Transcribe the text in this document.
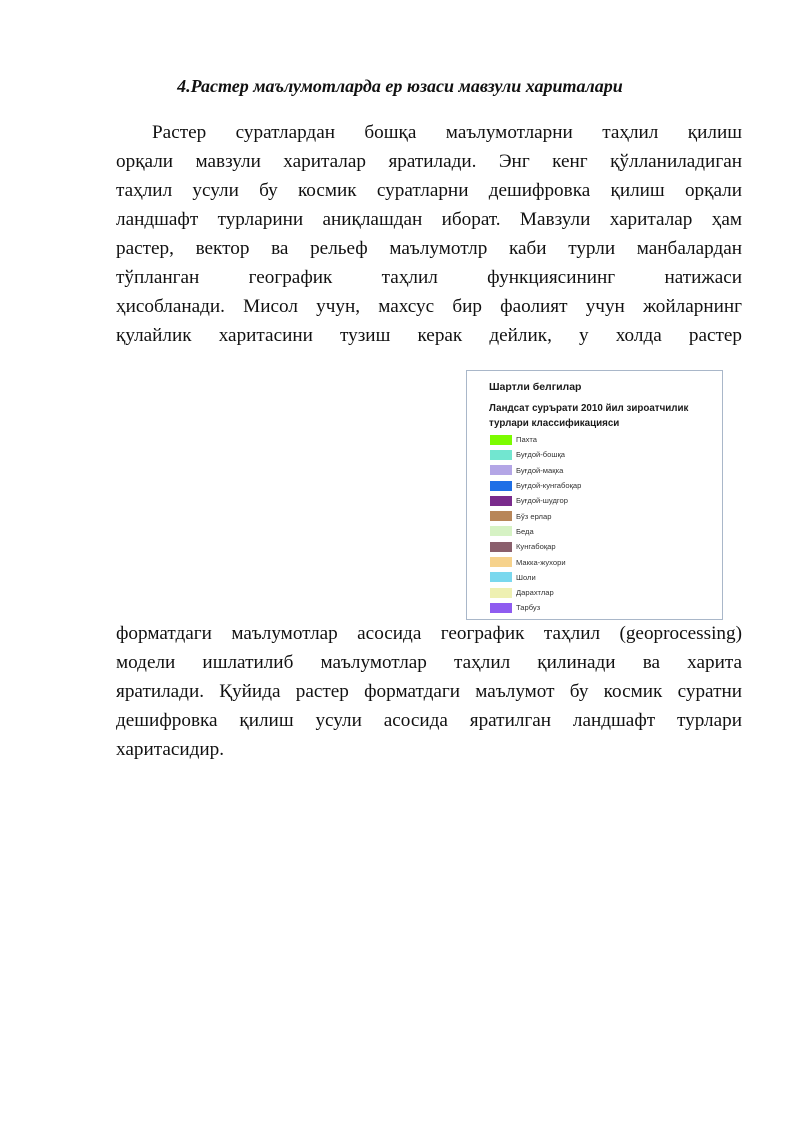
4.Растер маълумотларда ер юзаси мавзули хариталари

Растер суратлардан бошқа маълумотларни таҳлил қилиш
орқали мавзули хариталар яратилади. Энг кенг қўлланиладиган
таҳлил усули бу космик суратларни дешифровка қилиш орқали
ландшафт турларини аниқлашдан иборат. Мавзули хариталар ҳам
растер, вектор ва рельеф маълумотлр каби турли манбалардан
тўпланган географик таҳлил функциясининг натижаси
ҳисобланади. Мисол учун, махсус бир фаолият учун жойларнинг
қулайлик харитасини тузиш керак дейлик, у холда растер

Шартли белгилар
Ландсат сурърати 2010 йил зироатчилик турлари классификацияси
Пахта
Буғдой-бошқа
Буғдой-мақка
Буғдой-кунгабоқар
Буғдой-шудгор
Бўз ерлар
Беда
Кунгабоқар
Макка-жухори
Шоли
Дарахтлар
Тарбуз

форматдаги маълумотлар асосида географик таҳлил (geoprocessing)
модели ишлатилиб маълумотлар таҳлил қилинади ва харита
яратилади. Қуйида растер форматдаги маълумот бу космик суратни
дешифровка қилиш усули асосида яратилган ландшафт турлари
харитасидир.
